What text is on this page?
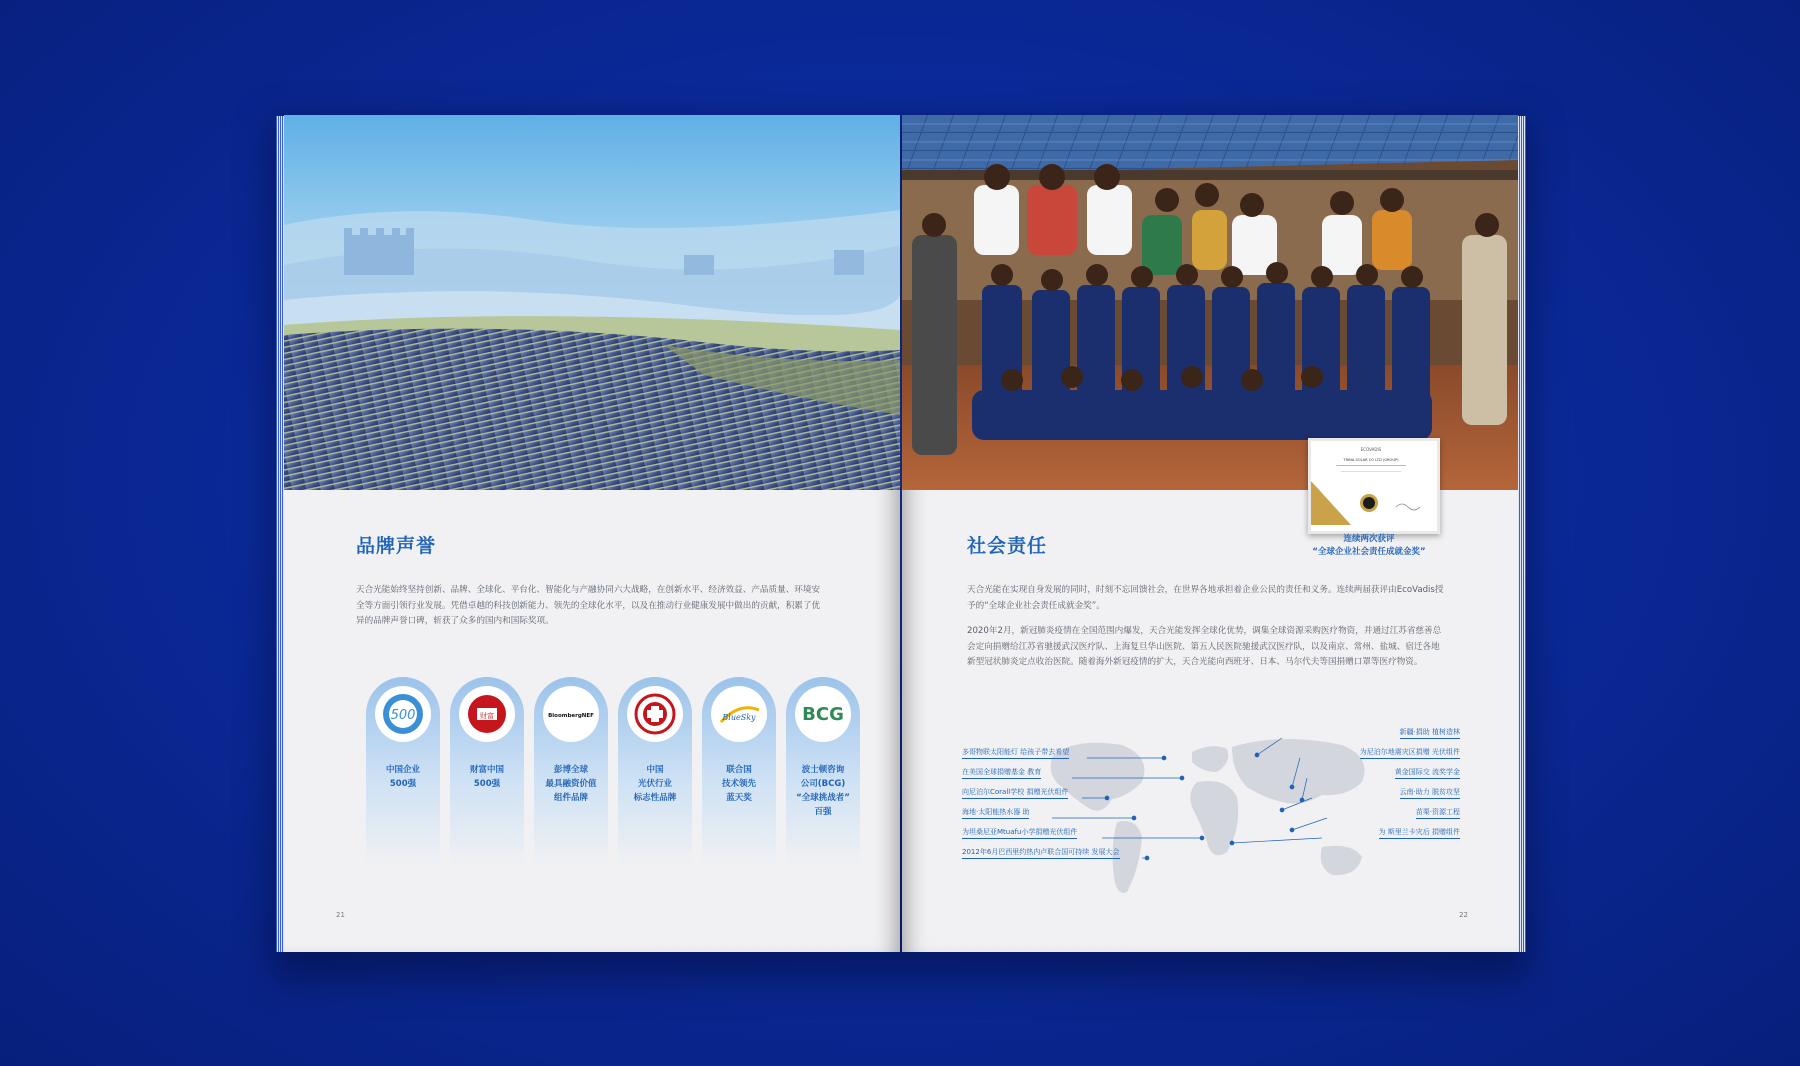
品牌声誉
天合光能始终坚持创新、品牌、全球化、平台化、智能化与产融协同六大战略，在创新水平、经济效益、产品质量、环境安全等方面引领行业发展。凭借卓越的科技创新能力、领先的全球化水平，以及在推动行业健康发展中做出的贡献，积累了优异的品牌声誉口碑，斩获了众多的国内和国际奖项。
500
中国企业
500强
财富
财富中国
500强
BloombergNEF
彭博全球
最具融资价值
组件品牌
中国
光伏行业
标志性品牌
BlueSky
联合国
技术领先
蓝天奖
BCG
波士顿咨询
公司(BCG)
“全球挑战者”
百强
21
ECOVADIS
TRINA SOLAR CO LTD (GROUP)
连续两次获评
“全球企业社会责任成就金奖”
社会责任
天合光能在实现自身发展的同时，时刻不忘回馈社会，在世界各地承担着企业公民的责任和义务。连续两届获评由EcoVadis授予的“全球企业社会责任成就金奖”。
2020年2月，新冠肺炎疫情在全国范围内爆发，天合光能发挥全球化优势，调集全球资源采购医疗物资，并通过江苏省慈善总会定向捐赠给江苏省驰援武汉医疗队、上海复旦华山医院、第五人民医院驰援武汉医疗队，以及南京、常州、盐城、宿迁各地新型冠状肺炎定点收治医院。随着海外新冠疫情的扩大，天合光能向西班牙、日本、马尔代夫等国捐赠口罩等医疗物资。
多哥物联太阳能灯 给孩子带去希望
在美国全球捐赠基金 教育
向尼泊尔Corall学校 捐赠光伏组件
海地·太阳能热水器 助
为坦桑尼亚Mtuafu小学捐赠光伏组件
2012年6月巴西里约热内卢联合国可持续 发展大会
新疆·捐助 植树造林
为尼泊尔地震灾区捐赠 光伏组件
黄金国际交 流奖学金
云南·助力 脱贫攻坚
苗栗·资源工程
为 斯里兰卡灾后 捐赠组件
22
